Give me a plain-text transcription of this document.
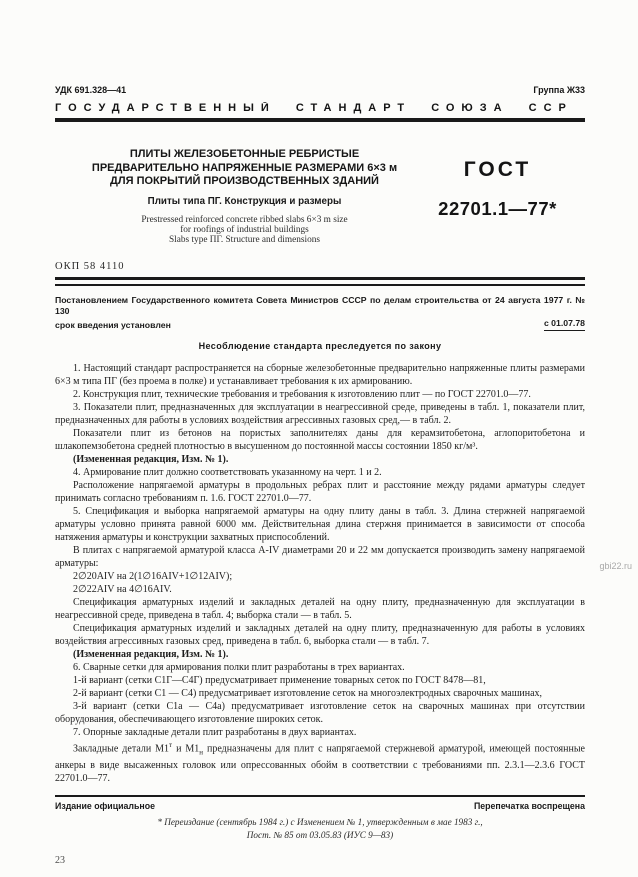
УДК 691.328—41	Группа Ж33
ГОСУДАРСТВЕННЫЙ СТАНДАРТ СОЮЗА ССР
ПЛИТЫ ЖЕЛЕЗОБЕТОННЫЕ РЕБРИСТЫЕ
ПРЕДВАРИТЕЛЬНО НАПРЯЖЕННЫЕ РАЗМЕРАМИ 6×3 м
ДЛЯ ПОКРЫТИЙ ПРОИЗВОДСТВЕННЫХ ЗДАНИЙ
Плиты типа ПГ. Конструкция и размеры
Prestressed reinforced concrete ribbed slabs 6×3 m size
for roofings of industrial buildings
Slabs type ПГ. Structure and dimensions
ГОСТ
22701.1—77*
ОКП 58 4110
Постановлением Государственного комитета Совета Министров СССР по делам строительства от 24 августа 1977 г. № 130
срок введения установлен	с 01.07.78
Несоблюдение стандарта преследуется по закону

1. Настоящий стандарт распространяется на сборные железобетонные предварительно напряженные плиты размерами 6×3 м типа ПГ (без проема в полке) и устанавливает требования к их армированию.

2. Конструкция плит, технические требования и требования к изготовлению плит — по ГОСТ 22701.0—77.

3. Показатели плит, предназначенных для эксплуатации в неагрессивной среде, приведены в табл. 1, показатели плит, предназначенных для работы в условиях воздействия агрессивных газовых сред,— в табл. 2.

Показатели плит из бетонов на пористых заполнителях даны для керамзитобетона, аглопоритобетона и шлакопемзобетона средней плотностью в высушенном до постоянной массы состоянии 1850 кг/м³.

(Измененная редакция, Изм. № 1).

4. Армирование плит должно соответствовать указанному на черт. 1 и 2.

Расположение напрягаемой арматуры в продольных ребрах плит и расстояние между рядами арматуры следует принимать согласно требованиям п. 1.6. ГОСТ 22701.0—77.

5. Спецификация и выборка напрягаемой арматуры на одну плиту даны в табл. 3. Длина стержней напрягаемой арматуры условно принята равной 6000 мм. Действительная длина стержня принимается в зависимости от способа натяжения арматуры и конструкции захватных приспособлений.

В плитах с напрягаемой арматурой класса А-IV диаметрами 20 и 22 мм допускается производить замену напрягаемой арматуры:

2∅20АIV на 2(1∅16АIV+1∅12АIV);

2∅22АIV на 4∅16АIV.

Спецификация арматурных изделий и закладных деталей на одну плиту, предназначенную для эксплуатации в неагрессивной среде, приведена в табл. 4; выборка стали — в табл. 5.

Спецификация арматурных изделий и закладных деталей на одну плиту, предназначенную для работы в условиях воздействия агрессивных газовых сред, приведена в табл. 6, выборка стали — в табл. 7.

(Измененная редакция, Изм. № 1).

6. Сварные сетки для армирования полки плит разработаны в трех вариантах.

1-й вариант (сетки С1Г—С4Г) предусматривает применение товарных сеток по ГОСТ 8478—81,

2-й вариант (сетки С1 — С4) предусматривает изготовление сеток на многоэлектродных сварочных машинах,

3-й вариант (сетки С1а — С4а) предусматривает изготовление сеток на сварочных машинах при отсутствии оборудования, обеспечивающего изготовление широких сеток.

7. Опорные закладные детали плит разработаны в двух вариантах.

Закладные детали $М1^т$ и $М1_н$ предназначены для плит с напрягаемой стержневой арматурой, имеющей постоянные анкеры в виде высаженных головок или опрессованных обойм в соответствии с требованиями пп. 2.3.1—2.3.6 ГОСТ 22701.0—77.

Издание официальное	Перепечатка воспрещена
* Переиздание (сентябрь 1984 г.) с Изменением № 1, утвержденным в мае 1983 г.,
Пост. № 85 от 03.05.83 (ИУС 9—83)
23
gbi22.ru
